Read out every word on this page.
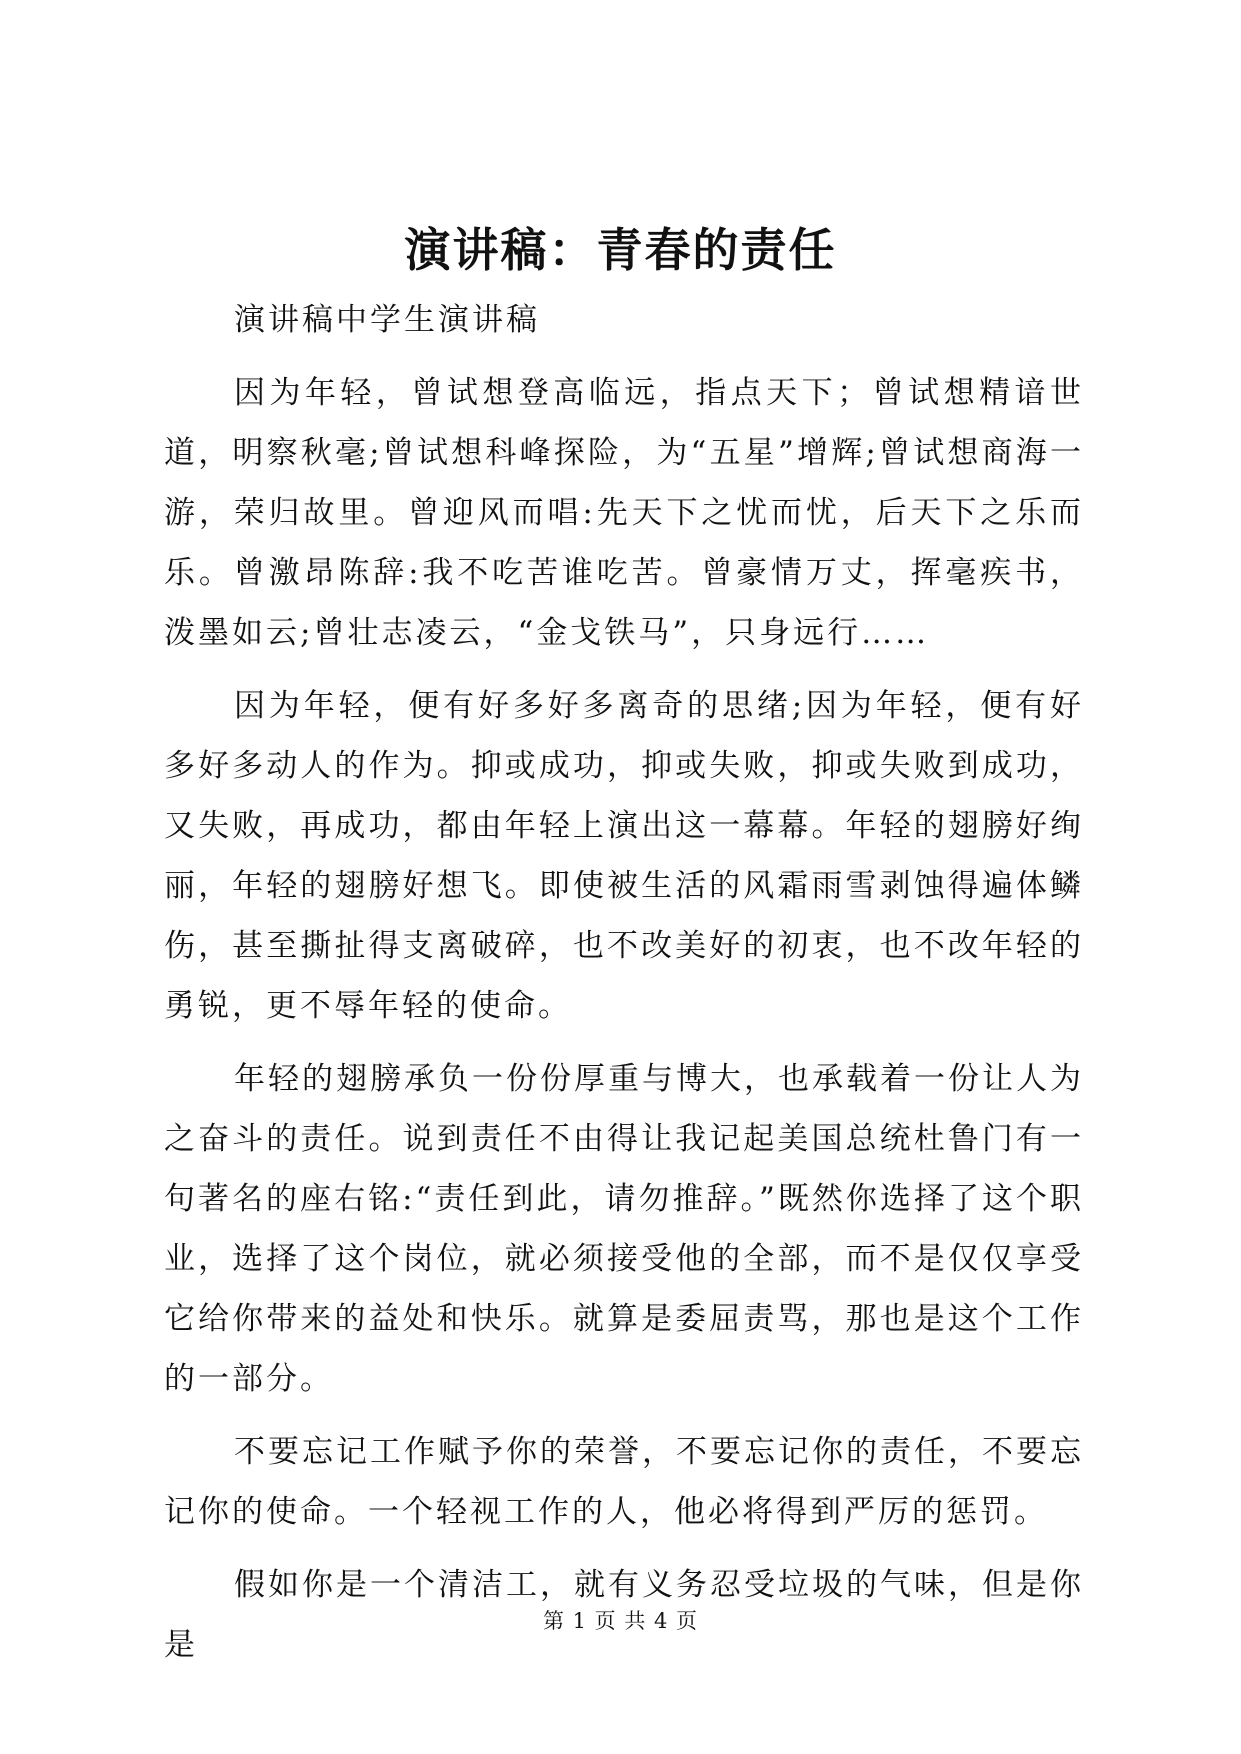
演讲稿：青春的责任

演讲稿中学生演讲稿

因为年轻，曾试想登高临远，指点天下；曾试想精谙世道，明察秋毫;曾试想科峰探险，为“五星”增辉;曾试想商海一游，荣归故里。曾迎风而唱:先天下之忧而忧，后天下之乐而乐。曾激昂陈辞:我不吃苦谁吃苦。曾豪情万丈，挥毫疾书，泼墨如云;曾壮志凌云，“金戈铁马”，只身远行……

因为年轻，便有好多好多离奇的思绪;因为年轻，便有好多好多动人的作为。抑或成功，抑或失败，抑或失败到成功，又失败，再成功，都由年轻上演出这一幕幕。年轻的翅膀好绚丽，年轻的翅膀好想飞。即使被生活的风霜雨雪剥蚀得遍体鳞伤，甚至撕扯得支离破碎，也不改美好的初衷，也不改年轻的勇锐，更不辱年轻的使命。

年轻的翅膀承负一份份厚重与博大，也承载着一份让人为之奋斗的责任。说到责任不由得让我记起美国总统杜鲁门有一句著名的座右铭:“责任到此，请勿推辞。”既然你选择了这个职业，选择了这个岗位，就必须接受他的全部，而不是仅仅享受它给你带来的益处和快乐。就算是委屈责骂，那也是这个工作的一部分。

不要忘记工作赋予你的荣誉，不要忘记你的责任，不要忘记你的使命。一个轻视工作的人，他必将得到严厉的惩罚。

假如你是一个清洁工，就有义务忍受垃圾的气味，但是你是

第 1 页 共 4 页
